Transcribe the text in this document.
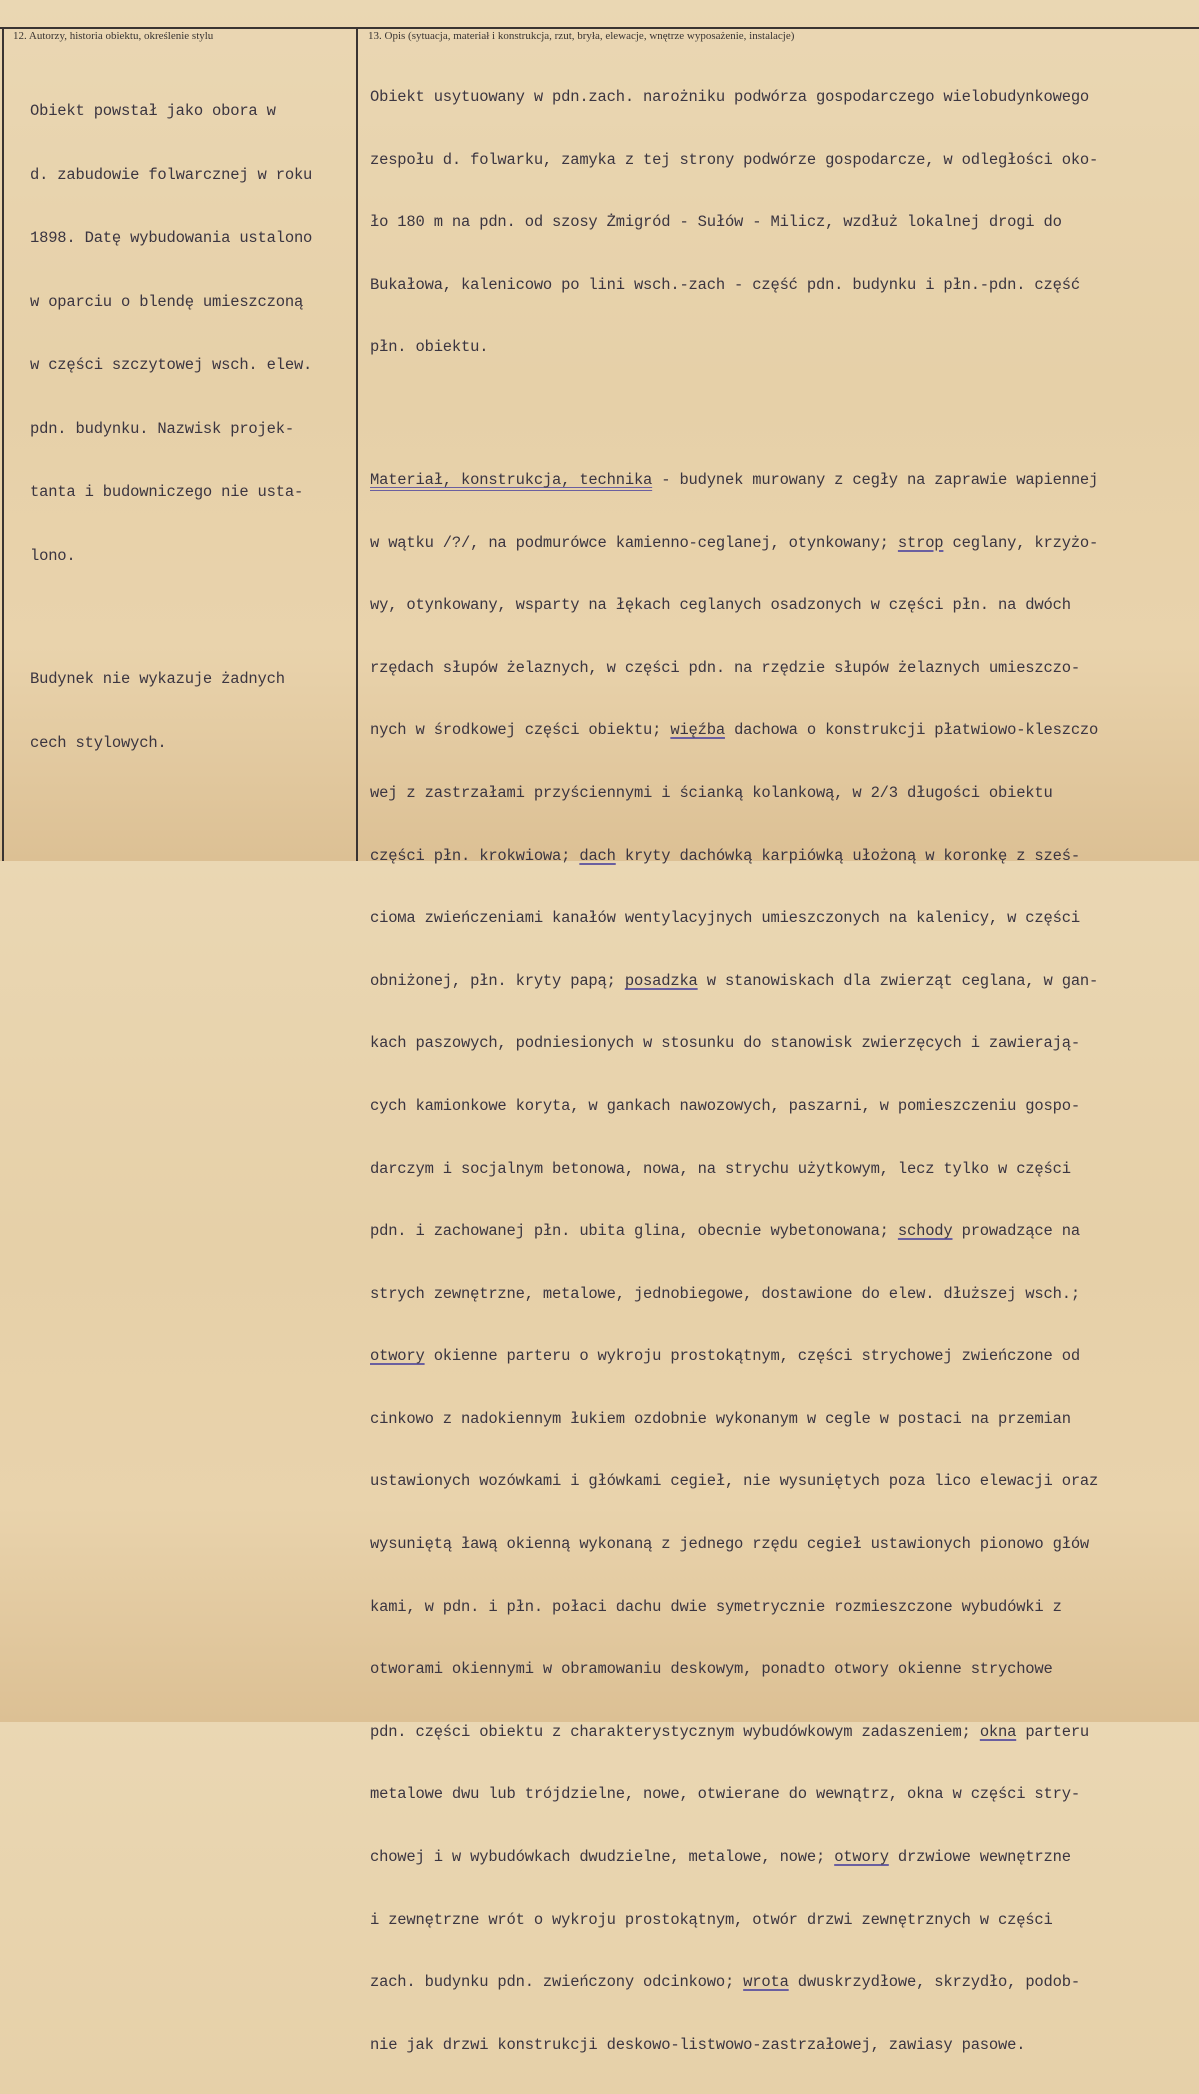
12. Autorzy, historia obiektu, określenie stylu	13. Opis (sytuacja, materiał i konstrukcja, rzut, bryła, elewacje, wnętrze wyposażenie, instalacje)

Obiekt powstał jako obora w

d. zabudowie folwarcznej w roku

1898. Datę wybudowania ustalono

w oparciu o blendę umieszczoną

w części szczytowej wsch. elew.

pdn. budynku. Nazwisk projek-

tanta i budowniczego nie usta-

lono.

Budynek nie wykazuje żadnych

cech stylowych.

Obiekt usytuowany w pdn.zach. narożniku podwórza gospodarczego wielobudynkowego

zespołu d. folwarku, zamyka z tej strony podwórze gospodarcze, w odległości oko-

ło 180 m na pdn. od szosy Żmigród - Sułów - Milicz, wzdłuż lokalnej drogi do

Bukałowa, kalenicowo po lini wsch.-zach - część pdn. budynku i płn.-pdn. część

płn. obiektu.

Materiał, konstrukcja, technika - budynek murowany z cegły na zaprawie wapiennej

w wątku /?/, na podmurówce kamienno-ceglanej, otynkowany; strop ceglany, krzyżo-

wy, otynkowany, wsparty na łękach ceglanych osadzonych w części płn. na dwóch

rzędach słupów żelaznych, w części pdn. na rzędzie słupów żelaznych umieszczo-

nych w środkowej części obiektu; więźba dachowa o konstrukcji płatwiowo-kleszczo

wej z zastrzałami przyściennymi i ścianką kolankową, w 2/3 długości obiektu

części płn. krokwiowa; dach kryty dachówką karpiówką ułożoną w koronkę z sześ-

ciома zwieńczeniami kanałów wentylacyjnych umieszczonych na kalenicy, w części

obniżonej, płn. kryty papą; posadzka w stanowiskach dla zwierząt ceglana, w gan-

kach paszowych, podniesionych w stosunku do stanowisk zwierzęcych i zawierają-

cych kamionkowe koryta, w gankach nawozowych, paszarni, w pomieszczeniu gospo-

darczym i socjalnym betonowa, nowa, na strychu użytkowym, lecz tylko w części

pdn. i zachowanej płn. ubita glina, obecnie wybetonowana; schody prowadzące na

strych zewnętrzne, metalowe, jednobiegowe, dostawione do elew. dłuższej wsch.;

otwory okienne parteru o wykroju prostokątnym, części strychowej zwieńczone od

cinkowo z nadokiennym łukiem ozdobnie wykonanym w cegle w postaci na przemian

ustawionych wozówkami i główkami cegieł, nie wysuniętych poza lico elewacji oraz

wysuniętą ławą okienną wykonaną z jednego rzędu cegieł ustawionych pionowo głów

kami, w pdn. i płn. połaci dachu dwie symetrycznie rozmieszczone wybudówki z

otworami okiennymi w obramowaniu deskowym, ponadto otwory okienne strychowe

pdn. części obiektu z charakterystycznym wybudówkowym zadaszeniem; okna parteru

metalowe dwu lub trójdzielne, nowe, otwierane do wewnątrz, okna w części stry-

chowej i w wybudówkach dwudzielne, metalowe, nowe; otwory drzwiowe wewnętrzne

i zewnętrzne wrót o wykroju prostokątnym, otwór drzwi zewnętrznych w części

zach. budynku pdn. zwieńczony odcinkowo; wrota dwuskrzydłowe, skrzydło, podob-

nie jak drzwi konstrukcji deskowo-listwowo-zastrzałowej, zawiasy pasowe.
